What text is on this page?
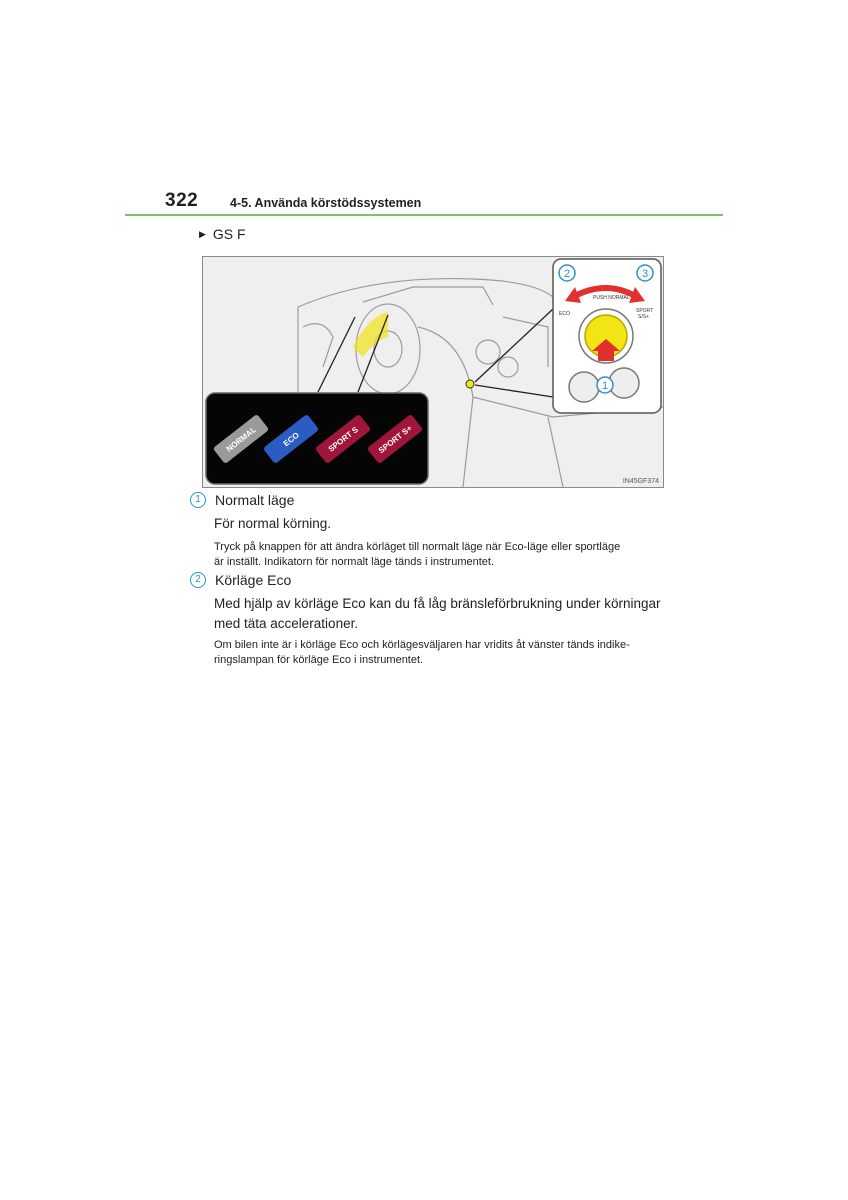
322	4-5. Använda körstödssystemen
▶ GS F
PUSH NORMAL
ECO	SPORT
S/S+
2	3
1
NORMAL	ECO	SPORT S SPORT S+
IN45GF374
1	Normalt läge
För normal körning.
Tryck på knappen för att ändra körläget till normalt läge när Eco-läge eller sportläge
är inställt. Indikatorn för normalt läge tänds i instrumentet.
2	Körläge Eco
Med hjälp av körläge Eco kan du få låg bränsleförbrukning under körningar
med täta accelerationer.
Om bilen inte är i körläge Eco och körlägesväljaren har vridits åt vänster tänds indike-
ringslampan för körläge Eco i instrumentet.
